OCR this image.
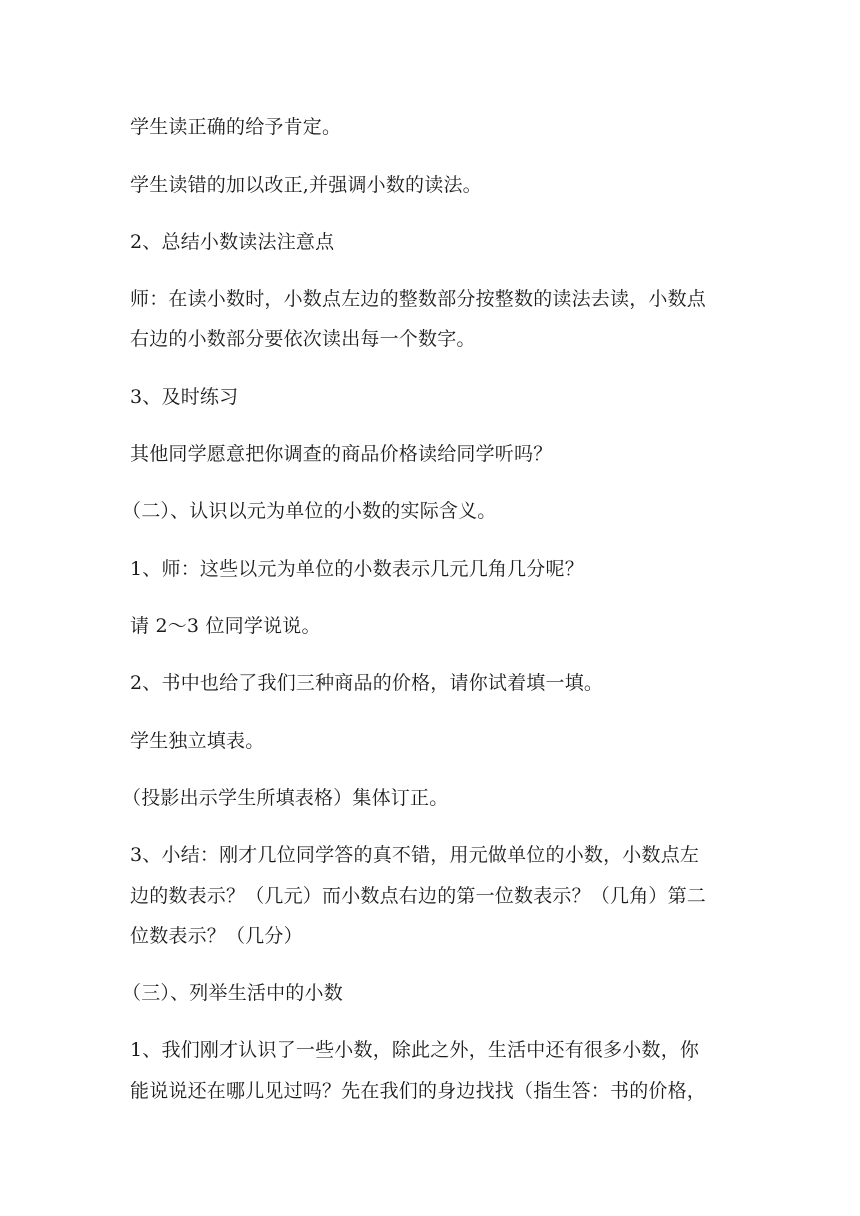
学生读正确的给予肯定。

学生读错的加以改正,并强调小数的读法。

2、总结小数读法注意点

师：在读小数时，小数点左边的整数部分按整数的读法去读，小数点

右边的小数部分要依次读出每一个数字。

3、及时练习

其他同学愿意把你调查的商品价格读给同学听吗？

（二）、认识以元为单位的小数的实际含义。

1、师：这些以元为单位的小数表示几元几角几分呢？

请 2～3 位同学说说。

2、书中也给了我们三种商品的价格，请你试着填一填。

学生独立填表。

（投影出示学生所填表格）集体订正。

3、小结：刚才几位同学答的真不错，用元做单位的小数，小数点左

边的数表示？（几元）而小数点右边的第一位数表示？（几角）第二

位数表示？（几分）

（三）、列举生活中的小数

1、我们刚才认识了一些小数，除此之外，生活中还有很多小数，你

能说说还在哪儿见过吗？先在我们的身边找找（指生答：书的价格，
